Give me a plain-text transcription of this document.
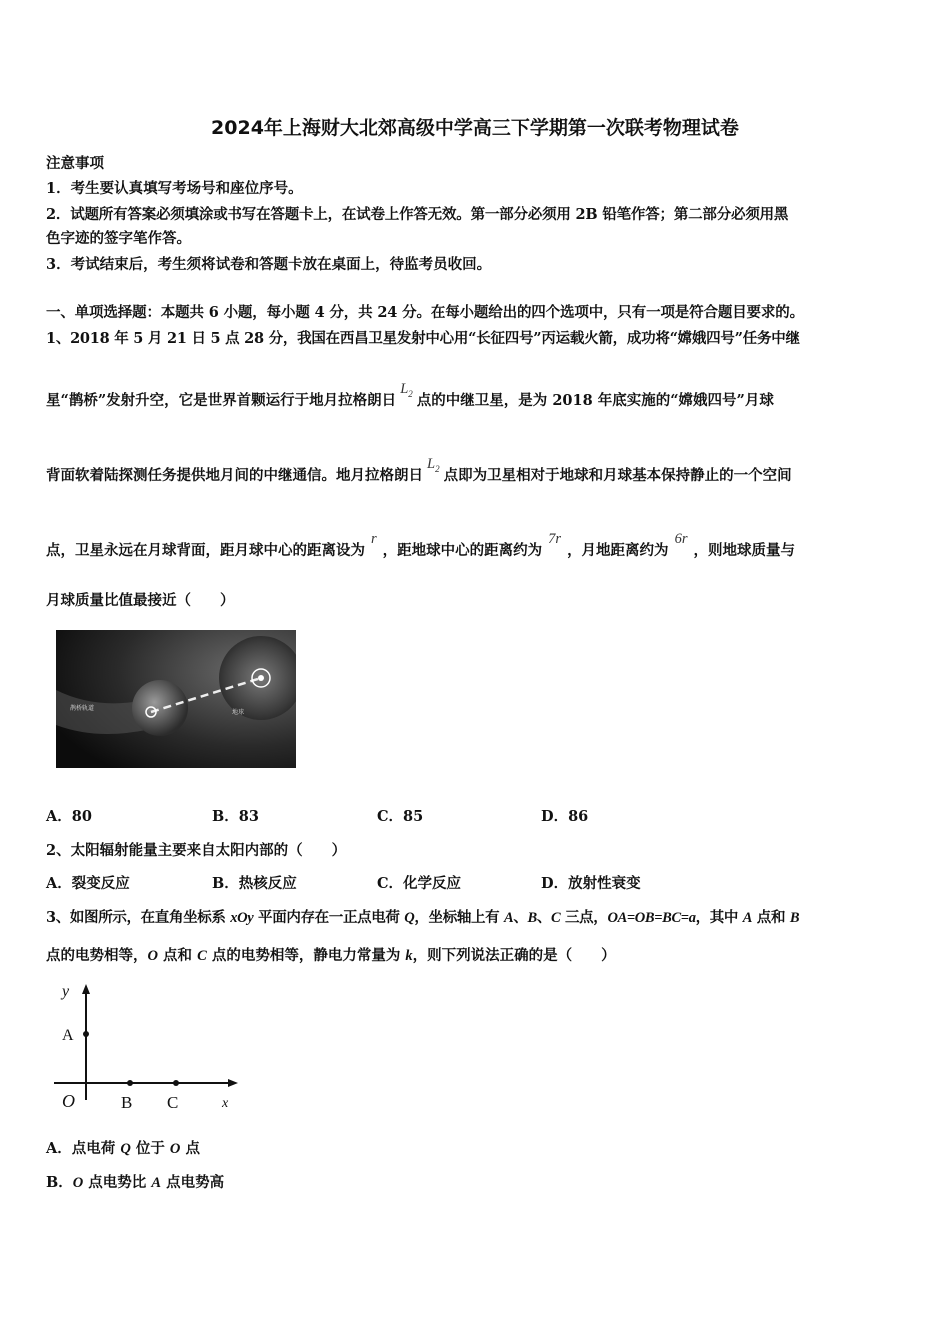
2024年上海财大北郊高级中学高三下学期第一次联考物理试卷
注意事项
1．考生要认真填写考场号和座位序号。
2．试题所有答案必须填涂或书写在答题卡上，在试卷上作答无效。第一部分必须用 2B 铅笔作答；第二部分必须用黑
色字迹的签字笔作答。
3．考试结束后，考生须将试卷和答题卡放在桌面上，待监考员收回。
一、单项选择题：本题共 6 小题，每小题 4 分，共 24 分。在每小题给出的四个选项中，只有一项是符合题目要求的。
1、2018 年 5 月 21 日 5 点 28 分，我国在西昌卫星发射中心用“长征四号”丙运载火箭，成功将“嫦娥四号”任务中继
星“鹊桥”发射升空，它是世界首颗运行于地月拉格朗日$L_2$ 点的中继卫星，是为 2018 年底实施的“嫦娥四号”月球
背面软着陆探测任务提供地月间的中继通信。地月拉格朗日$L_2$ 点即为卫星相对于地球和月球基本保持静止的一个空间
点，卫星永远在月球背面，距月球中心的距离设为r，距地球中心的距离约为7r，月地距离约为6r，则地球质量与
月球质量比值最接近（　　）
鹊桥轨道
地球
A．80	B．83	C．85	D．86
2、太阳辐射能量主要来自太阳内部的（　　）
A．裂变反应	B．热核反应	C．化学反应	D．放射性衰变
3、如图所示，在直角坐标系 xOy 平面内存在一正点电荷 Q，坐标轴上有 A、B、C 三点，OA=OB=BC=a，其中 A 点和 B
点的电势相等，O 点和 C 点的电势相等，静电力常量为 k，则下列说法正确的是（　　）
y
A
O	B C	x
A．点电荷 Q 位于 O 点
B．O 点电势比 A 点电势高
